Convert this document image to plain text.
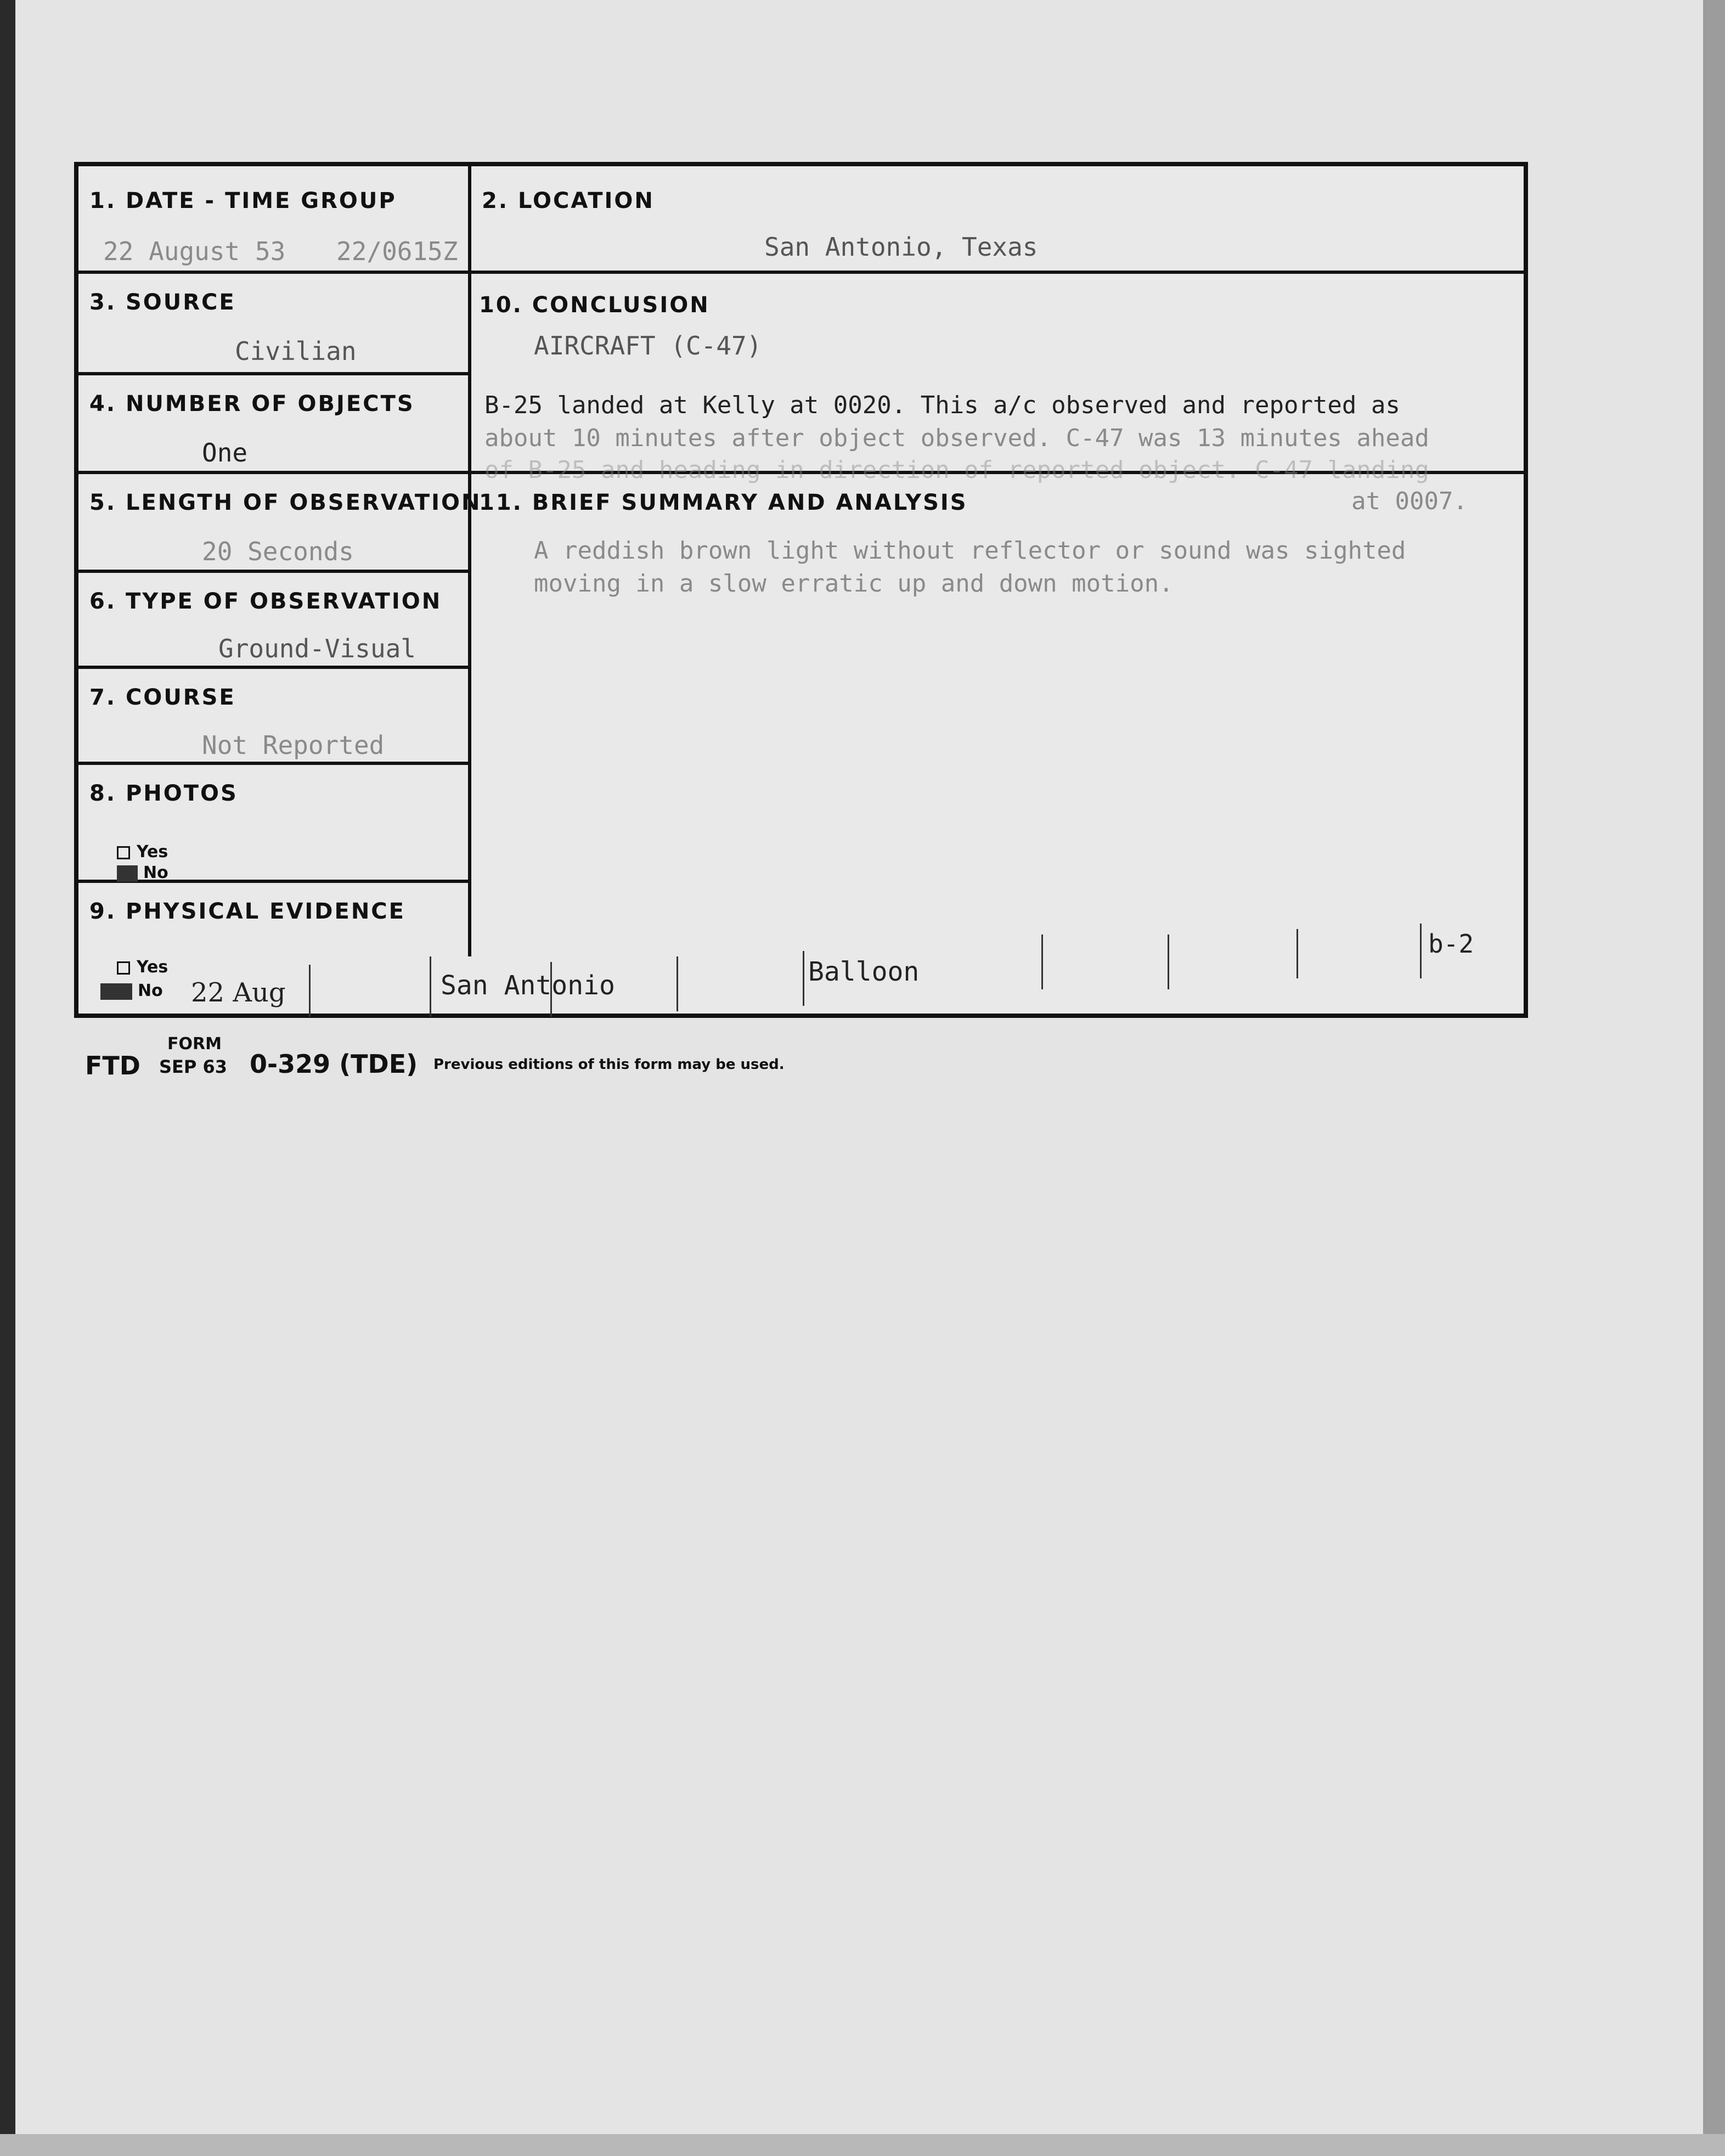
1. DATE - TIME GROUP
22 August 53 22/0615Z
2. LOCATION
San Antonio, Texas
3. SOURCE
Civilian
4. NUMBER OF OBJECTS
One
5. LENGTH OF OBSERVATION
20 Seconds
6. TYPE OF OBSERVATION
Ground-Visual
7. COURSE
Not Reported
8. PHOTOS
Yes
No
9. PHYSICAL EVIDENCE
Yes
No
10. CONCLUSION
AIRCRAFT (C-47)
B-25 landed at Kelly at 0020. This a/c observed and reported as
about 10 minutes after object observed. C-47 was 13 minutes ahead
of B-25 and heading in direction of reported object. C-47 landing
at 0007.
11. BRIEF SUMMARY AND ANALYSIS
A reddish brown light without reflector or sound was sighted
moving in a slow erratic up and down motion.
22 Aug	San Antonio	Balloon
b-2
FORM
FTD SEP 63 0-329 (TDE) Previous editions of this form may be used.
